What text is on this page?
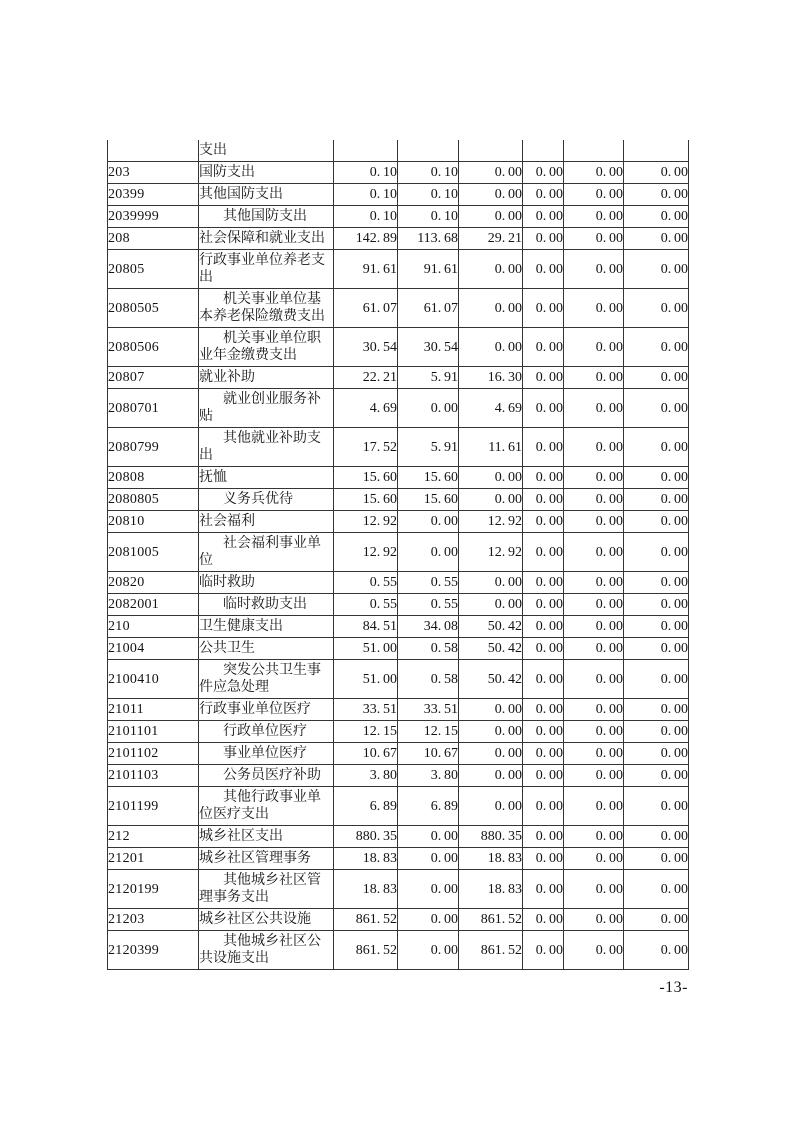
	支出						
203	国防支出	0. 10	0. 10	0. 00	0. 00	0. 00	0. 00
20399	其他国防支出	0. 10	0. 10	0. 00	0. 00	0. 00	0. 00
2039999	其他国防支出	0. 10	0. 10	0. 00	0. 00	0. 00	0. 00
208	社会保障和就业支出	142. 89	113. 68	29. 21	0. 00	0. 00	0. 00
20805	行政事业单位养老支出	91. 61	91. 61	0. 00	0. 00	0. 00	0. 00
2080505	机关事业单位基本养老保险缴费支出	61. 07	61. 07	0. 00	0. 00	0. 00	0. 00
2080506	机关事业单位职业年金缴费支出	30. 54	30. 54	0. 00	0. 00	0. 00	0. 00
20807	就业补助	22. 21	5. 91	16. 30	0. 00	0. 00	0. 00
2080701	就业创业服务补贴	4. 69	0. 00	4. 69	0. 00	0. 00	0. 00
2080799	其他就业补助支出	17. 52	5. 91	11. 61	0. 00	0. 00	0. 00
20808	抚恤	15. 60	15. 60	0. 00	0. 00	0. 00	0. 00
2080805	义务兵优待	15. 60	15. 60	0. 00	0. 00	0. 00	0. 00
20810	社会福利	12. 92	0. 00	12. 92	0. 00	0. 00	0. 00
2081005	社会福利事业单位	12. 92	0. 00	12. 92	0. 00	0. 00	0. 00
20820	临时救助	0. 55	0. 55	0. 00	0. 00	0. 00	0. 00
2082001	临时救助支出	0. 55	0. 55	0. 00	0. 00	0. 00	0. 00
210	卫生健康支出	84. 51	34. 08	50. 42	0. 00	0. 00	0. 00
21004	公共卫生	51. 00	0. 58	50. 42	0. 00	0. 00	0. 00
2100410	突发公共卫生事件应急处理	51. 00	0. 58	50. 42	0. 00	0. 00	0. 00
21011	行政事业单位医疗	33. 51	33. 51	0. 00	0. 00	0. 00	0. 00
2101101	行政单位医疗	12. 15	12. 15	0. 00	0. 00	0. 00	0. 00
2101102	事业单位医疗	10. 67	10. 67	0. 00	0. 00	0. 00	0. 00
2101103	公务员医疗补助	3. 80	3. 80	0. 00	0. 00	0. 00	0. 00
2101199	其他行政事业单位医疗支出	6. 89	6. 89	0. 00	0. 00	0. 00	0. 00
212	城乡社区支出	880. 35	0. 00	880. 35	0. 00	0. 00	0. 00
21201	城乡社区管理事务	18. 83	0. 00	18. 83	0. 00	0. 00	0. 00
2120199	其他城乡社区管理事务支出	18. 83	0. 00	18. 83	0. 00	0. 00	0. 00
21203	城乡社区公共设施	861. 52	0. 00	861. 52	0. 00	0. 00	0. 00
2120399	其他城乡社区公共设施支出	861. 52	0. 00	861. 52	0. 00	0. 00	0. 00
-13-
